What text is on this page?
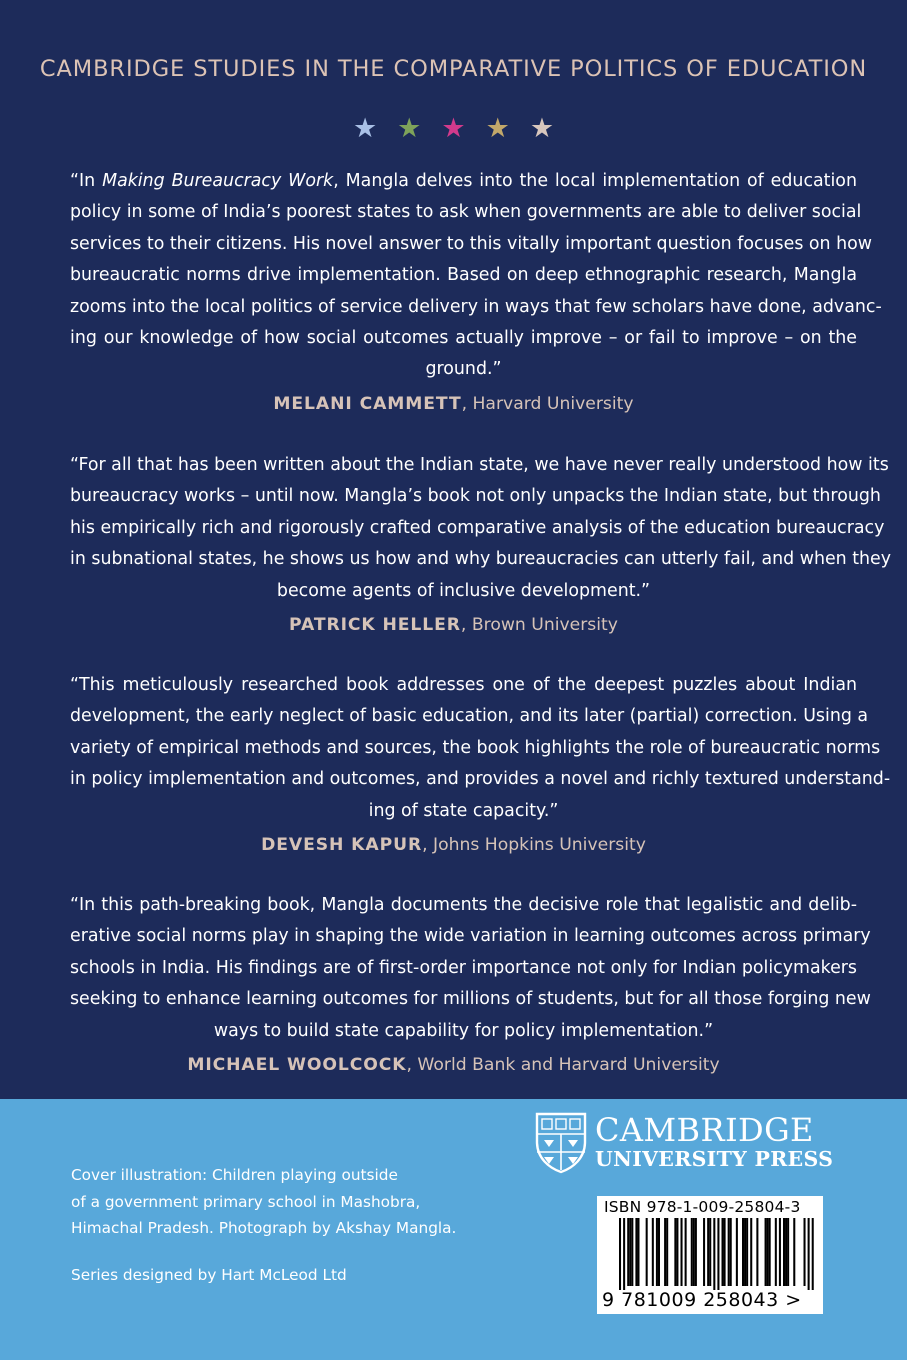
CAMBRIDGE STUDIES IN THE COMPARATIVE POLITICS OF EDUCATION
★ ★ ★ ★ ★
“In Making Bureaucracy Work, Mangla delves into the local implementation of education
policy in some of India’s poorest states to ask when governments are able to deliver social
services to their citizens. His novel answer to this vitally important question focuses on how
bureaucratic norms drive implementation. Based on deep ethnographic research, Mangla
zooms into the local politics of service delivery in ways that few scholars have done, advanc-
ing our knowledge of how social outcomes actually improve – or fail to improve – on the
ground.”
MELANI CAMMETT, Harvard University
“For all that has been written about the Indian state, we have never really understood how its
bureaucracy works – until now. Mangla’s book not only unpacks the Indian state, but through
his empirically rich and rigorously crafted comparative analysis of the education bureaucracy
in subnational states, he shows us how and why bureaucracies can utterly fail, and when they
become agents of inclusive development.”
PATRICK HELLER, Brown University
“This meticulously researched book addresses one of the deepest puzzles about Indian
development, the early neglect of basic education, and its later (partial) correction. Using a
variety of empirical methods and sources, the book highlights the role of bureaucratic norms
in policy implementation and outcomes, and provides a novel and richly textured understand-
ing of state capacity.”
DEVESH KAPUR, Johns Hopkins University
“In this path-breaking book, Mangla documents the decisive role that legalistic and delib-
erative social norms play in shaping the wide variation in learning outcomes across primary
schools in India. His findings are of first-order importance not only for Indian policymakers
seeking to enhance learning outcomes for millions of students, but for all those forging new
ways to build state capability for policy implementation.”
MICHAEL WOOLCOCK, World Bank and Harvard University
CAMBRIDGE
UNIVERSITY PRESS
Cover illustration: Children playing outside
of a government primary school in Mashobra,
Himachal Pradesh. Photograph by Akshay Mangla.
Series designed by Hart McLeod Ltd
ISBN 978-1-009-25804-3
9 781009 258043 >
